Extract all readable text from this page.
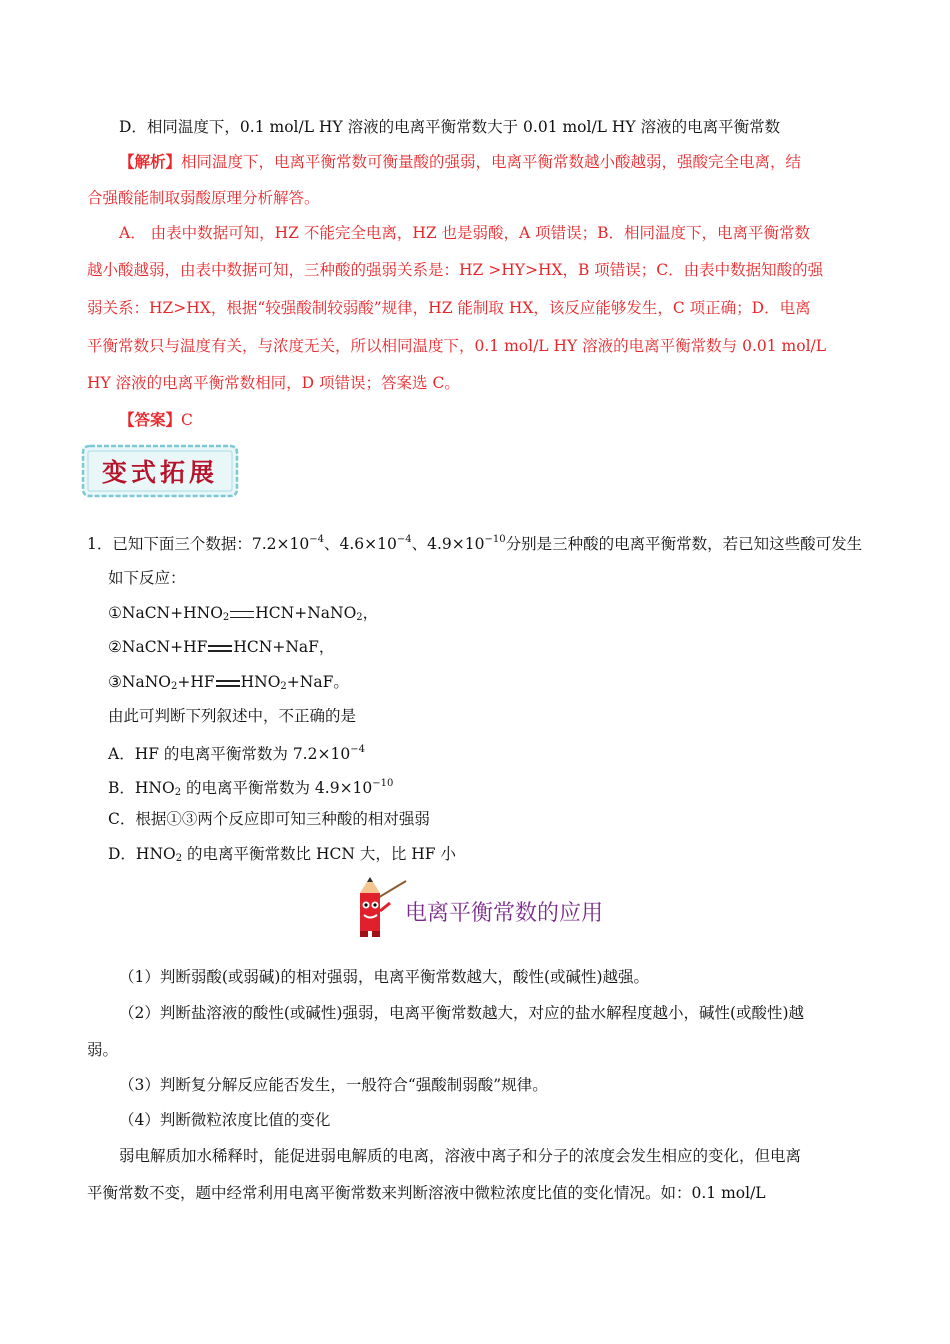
D．相同温度下，0.1 mol/L HY 溶液的电离平衡常数大于 0.01 mol/L HY 溶液的电离平衡常数
【解析】相同温度下，电离平衡常数可衡量酸的强弱，电离平衡常数越小酸越弱，强酸完全电离，结
合强酸能制取弱酸原理分析解答。
A． 由表中数据可知，HZ 不能完全电离，HZ 也是弱酸，A 项错误；B．相同温度下，电离平衡常数
越小酸越弱，由表中数据可知，三种酸的强弱关系是：HZ >HY>HX，B 项错误；C．由表中数据知酸的强
弱关系：HZ>HX，根据“较强酸制较弱酸”规律，HZ 能制取 HX，该反应能够发生，C 项正确；D．电离
平衡常数只与温度有关，与浓度无关，所以相同温度下，0.1 mol/L HY 溶液的电离平衡常数与 0.01 mol/L
HY 溶液的电离平衡常数相同，D 项错误；答案选 C。
【答案】C
变式拓展
1．已知下面三个数据：$7.2\times 10^{-4}$、$4.6\times 10^{-4}$、$4.9\times 10^{-10}$分别是三种酸的电离平衡常数，若已知这些酸可发生
如下反应：
$①NaCN+HNO_2$ HCN+NaNO$_2$，
②NaCN+HF HCN+NaF，
③NaNO$_2$+HF $HNO_2+NaF$。
由此可判断下列叙述中，不正确的是
A．HF 的电离平衡常数为 $7.2\times 10^{-4}$
B．$HNO_2$ 的电离平衡常数为 $4.9\times 10^{-10}$
C．根据①③两个反应即可知三种酸的相对强弱
D．$HNO_2$ 的电离平衡常数比 HCN 大，比 HF 小
电离平衡常数的应用
（1）判断弱酸(或弱碱)的相对强弱，电离平衡常数越大，酸性(或碱性)越强。
（2）判断盐溶液的酸性(或碱性)强弱，电离平衡常数越大，对应的盐水解程度越小，碱性(或酸性)越
弱。
（3）判断复分解反应能否发生，一般符合“强酸制弱酸”规律。
（4）判断微粒浓度比值的变化
弱电解质加水稀释时，能促进弱电解质的电离，溶液中离子和分子的浓度会发生相应的变化，但电离
平衡常数不变，题中经常利用电离平衡常数来判断溶液中微粒浓度比值的变化情况。如：0.1 mol/L
